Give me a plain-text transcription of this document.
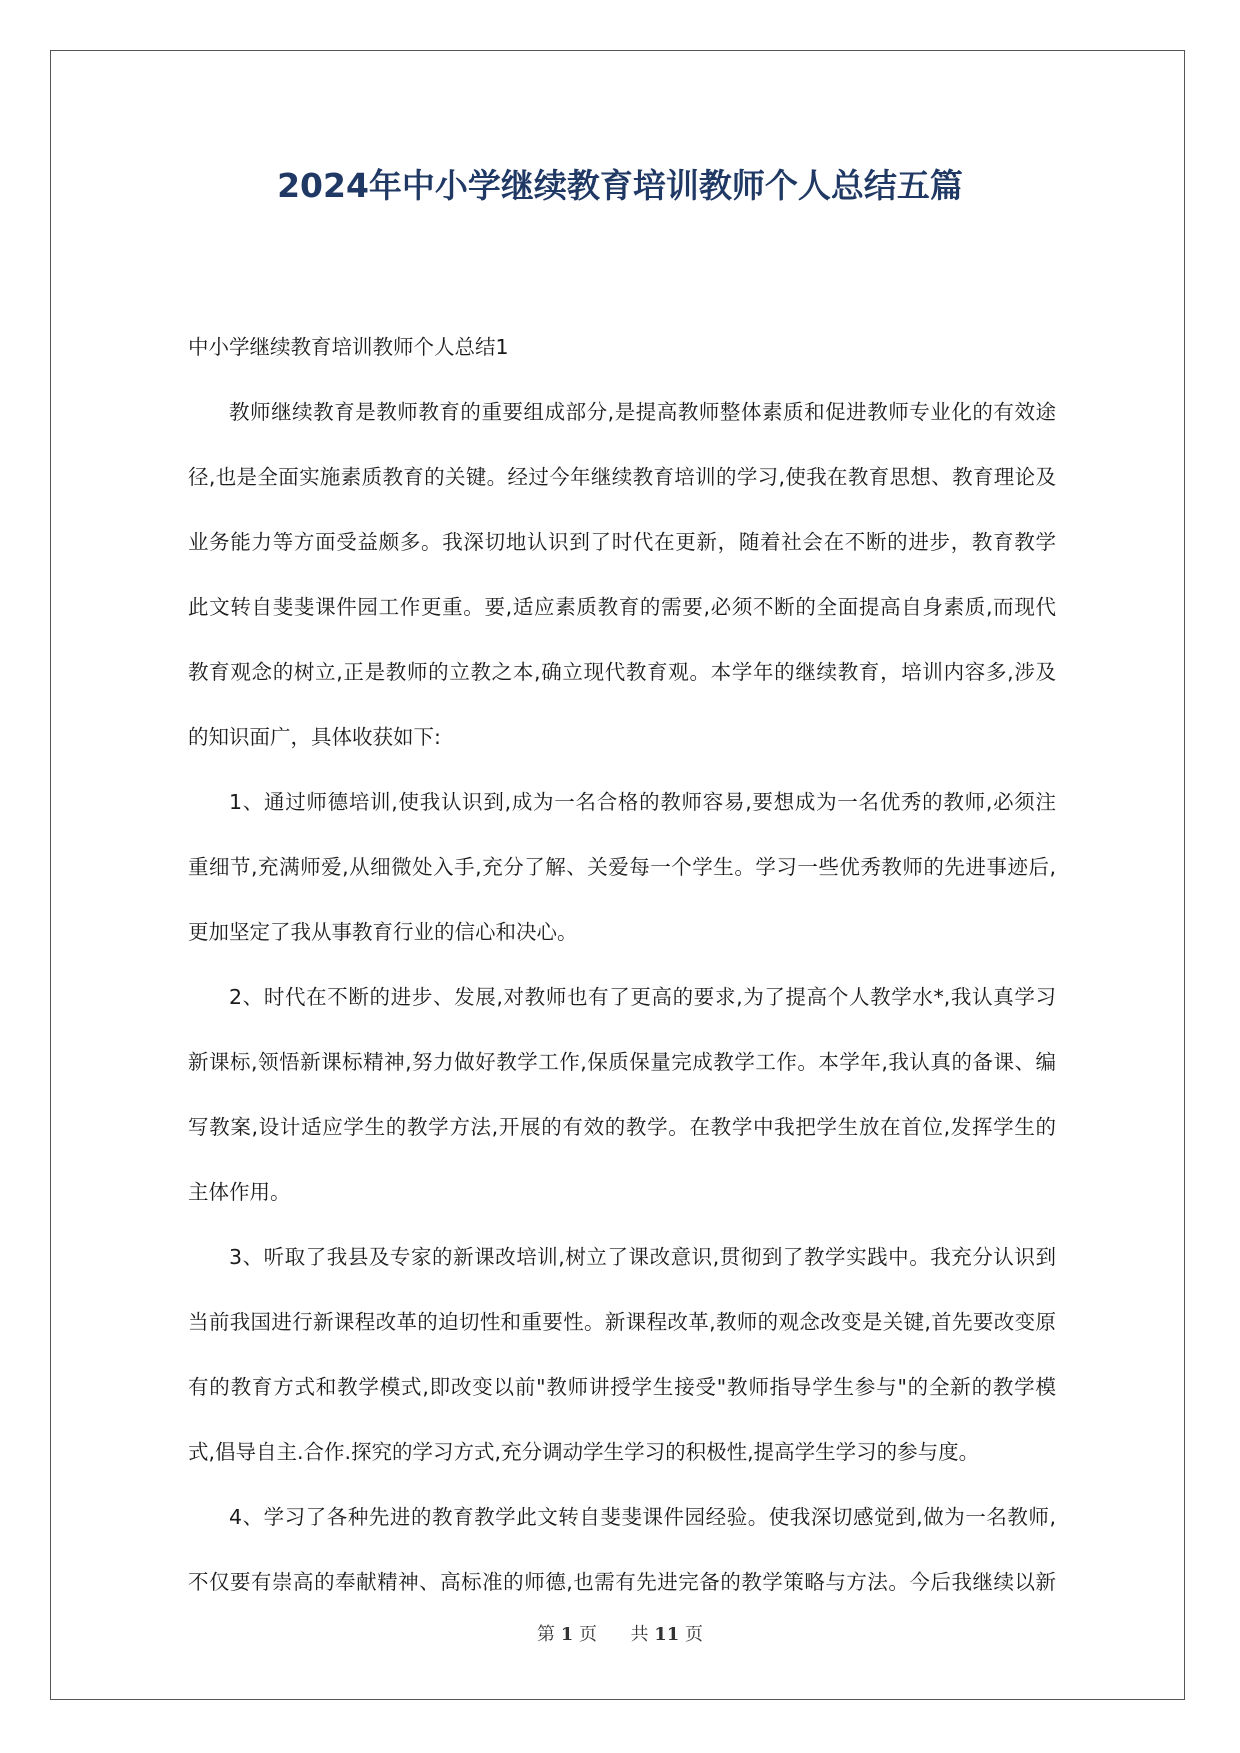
2024年中小学继续教育培训教师个人总结五篇
中小学继续教育培训教师个人总结1
教师继续教育是教师教育的重要组成部分,是提高教师整体素质和促进教师专业化的有效途
径,也是全面实施素质教育的关键。经过今年继续教育培训的学习,使我在教育思想、教育理论及
业务能力等方面受益颇多。我深切地认识到了时代在更新，随着社会在不断的进步，教育教学
此文转自斐斐课件园工作更重。要,适应素质教育的需要,必须不断的全面提高自身素质,而现代
教育观念的树立,正是教师的立教之本,确立现代教育观。本学年的继续教育，培训内容多,涉及
的知识面广，具体收获如下:
1、通过师德培训,使我认识到,成为一名合格的教师容易,要想成为一名优秀的教师,必须注
重细节,充满师爱,从细微处入手,充分了解、关爱每一个学生。学习一些优秀教师的先进事迹后,
更加坚定了我从事教育行业的信心和决心。
2、时代在不断的进步、发展,对教师也有了更高的要求,为了提高个人教学水*,我认真学习
新课标,领悟新课标精神,努力做好教学工作,保质保量完成教学工作。本学年,我认真的备课、编
写教案,设计适应学生的教学方法,开展的有效的教学。在教学中我把学生放在首位,发挥学生的
主体作用。
3、听取了我县及专家的新课改培训,树立了课改意识,贯彻到了教学实践中。我充分认识到
当前我国进行新课程改革的迫切性和重要性。新课程改革,教师的观念改变是关键,首先要改变原
有的教育方式和教学模式,即改变以前"教师讲授学生接受"教师指导学生参与"的全新的教学模
式,倡导自主.合作.探究的学习方式,充分调动学生学习的积极性,提高学生学习的参与度。
4、学习了各种先进的教育教学此文转自斐斐课件园经验。使我深切感觉到,做为一名教师,
不仅要有崇高的奉献精神、高标准的师德,也需有先进完备的教学策略与方法。今后我继续以新
第 1 页 共 11 页
